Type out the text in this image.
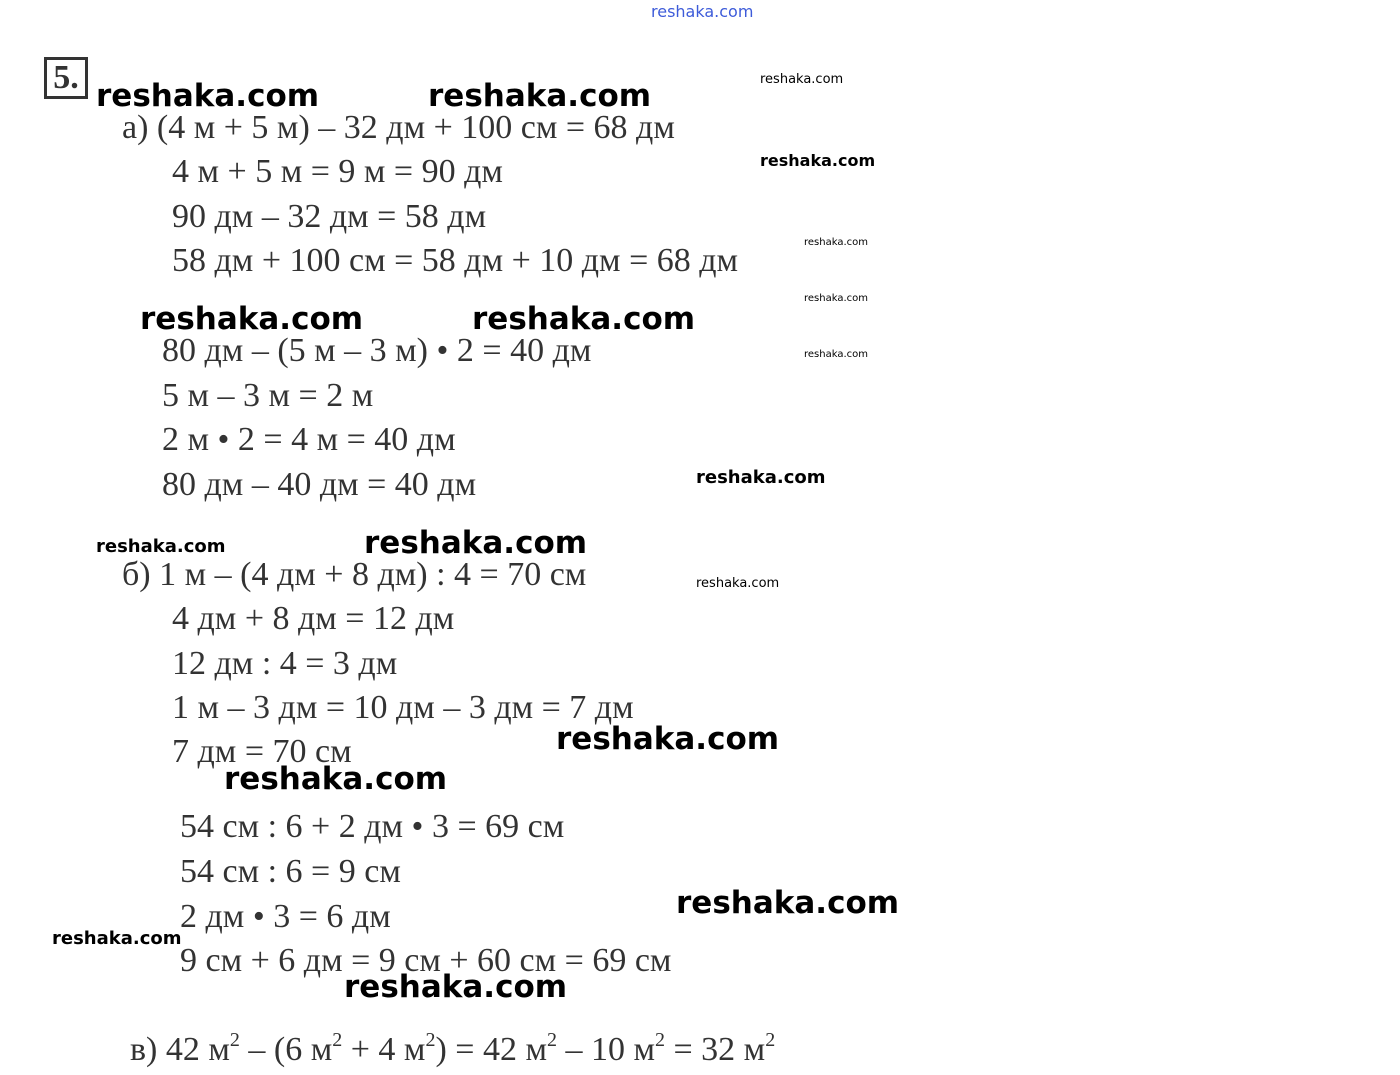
reshaka.com
reshaka.com	reshaka.com	reshaka.com
reshaka.com
reshaka.com
reshaka.com
reshaka.com
reshaka.com	reshaka.com
reshaka.com
reshaka.com	reshaka.com
reshaka.com
reshaka.com
reshaka.com
reshaka.com
reshaka.com
reshaka.com
5.
а) (4 м + 5 м) – 32 дм + 100 см = 68 дм
4 м + 5 м = 9 м = 90 дм
90 дм – 32 дм = 58 дм
58 дм + 100 см = 58 дм + 10 дм = 68 дм
80 дм – (5 м – 3 м) • 2 = 40 дм
5 м – 3 м = 2 м
2 м • 2 = 4 м = 40 дм
80 дм – 40 дм = 40 дм
б) 1 м – (4 дм + 8 дм) : 4 = 70 см
4 дм + 8 дм = 12 дм
12 дм : 4 = 3 дм
1 м – 3 дм = 10 дм – 3 дм = 7 дм
7 дм = 70 см
54 см : 6 + 2 дм • 3 = 69 см
54 см : 6 = 9 см
2 дм • 3 = 6 дм
9 см + 6 дм = 9 см + 60 см = 69 см
в) 42 $м^2 - (6$ $м^2 + 4$ $м^2) = 42$ $м^2 - 10$ $м^2 = 32$ $м^2$
